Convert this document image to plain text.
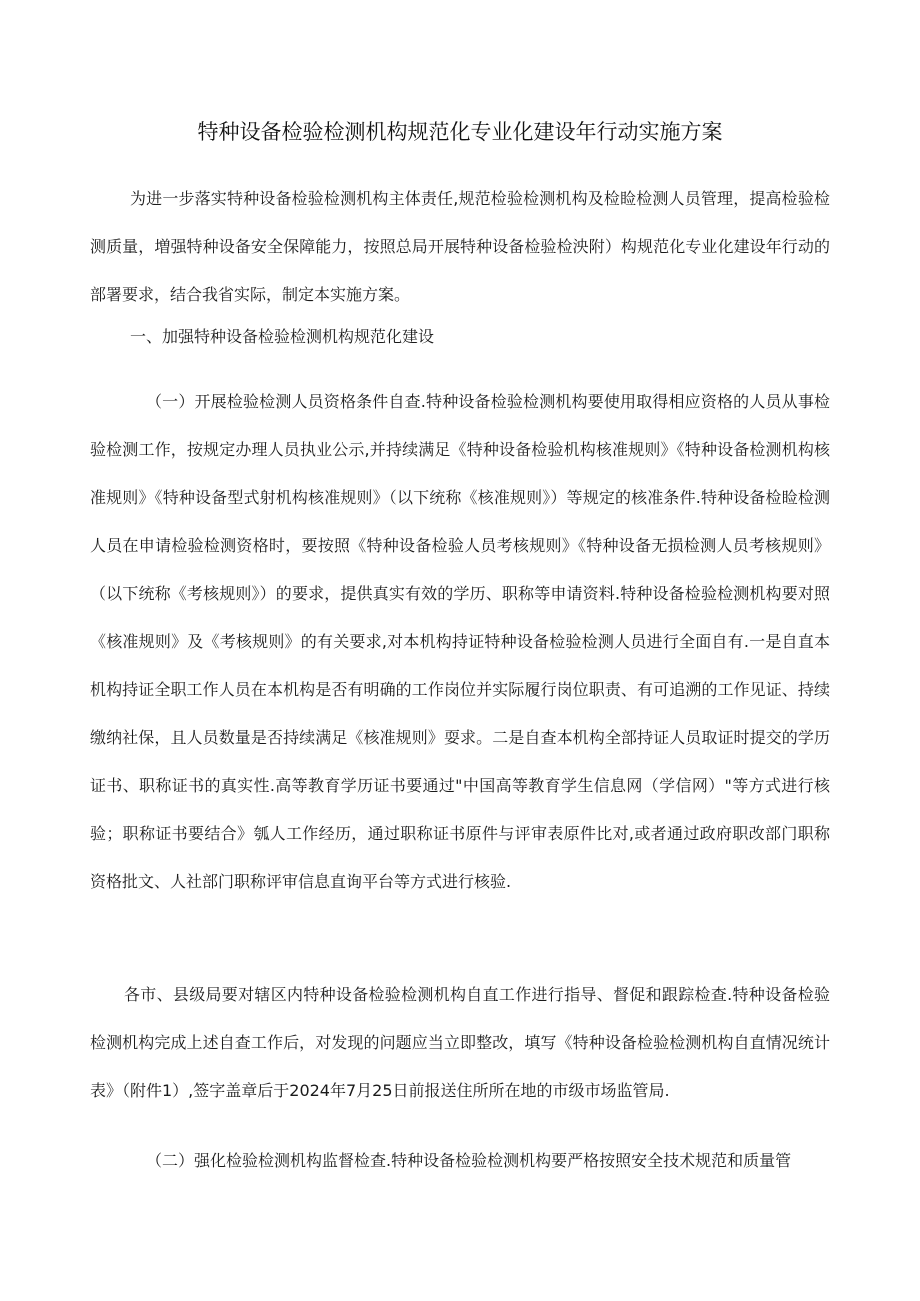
特种设备检验检测机构规范化专业化建设年行动实施方案

为进一步落实特种设备检验检测机构主体责任,规范检验检测机构及检睑检测人员管理，提高检验检测质量，増强特种设备安全保障能力，按照总局开展特种设备检验检泱附）构规范化专业化建设年行动的部署要求，结合我省实际，制定本实施方案。

一、加强特种设备检验检测机构规范化建设

（一）开展检验检测人员资格条件自查.特种设备检验检测机构要使用取得相应资格的人员从事检验检测工作，按规定办理人员执业公示,并持续满足《特种设备检验机构核准规则》《特种设备检测机构核准规则》《特种设备型式射机构核准规则》（以下统称《核准规则》）等规定的核准条件.特种设备检睑检测人员在申请检验检测资格时，要按照《特种设备检验人员考核规则》《特种设备无损检测人员考核规则》（以下统称《考核规则》）的要求，提供真实有效的学历、职称等申请资料.特种设备检验检测机构要对照《核准规则》及《考核规则》的有关要求,对本机构持证特种设备检验检测人员进行全面自有.一是自直本机构持证全职工作人员在本机构是否有明确的工作岗位并实际履行岗位职责、有可追溯的工作见证、持续缴纳社保，且人员数量是否持续满足《核准规则》耍求。二是自查本机构全部持证人员取证时提交的学历证书、职称证书的真实性.高等教育学历证书要通过"中国高等教育学生信息网（学信网）"等方式进行核验；职称证书要结合》瓠人工作经历，通过职称证书原件与评审表原件比对,或者通过政府职改部门职称资格批文、人社部门职称评审信息直询平台等方式进行核验.

各市、县级局要对辖区内特种设备检验检测机构自直工作进行指导、督促和跟踪检查.特种设备检验检测机构完成上述自查工作后，对发现的问题应当立即整改，填写《特种设备检验检测机构自直情况统计表》（附件1）,签字盖章后于2024年7月25日前报送住所所在地的市级市场监管局.

（二）强化检验检测机构监督检查.特种设备检验检测机构要严格按照安全技术规范和质量管
